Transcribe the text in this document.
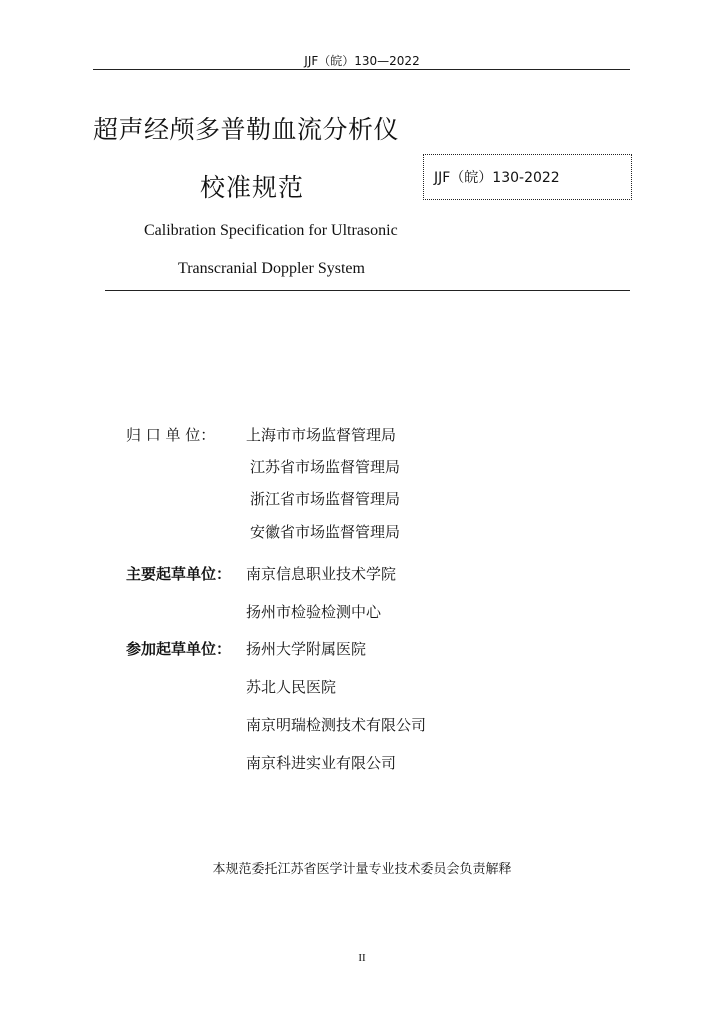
JJF（皖）130—2022
超声经颅多普勒血流分析仪
校准规范	JJF（皖）130-2022
Calibration Specification for Ultrasonic
Transcranial Doppler System
归 口 单 位： 上海市市场监督管理局
江苏省市场监督管理局
浙江省市场监督管理局
安徽省市场监督管理局
主要起草单位： 南京信息职业技术学院
扬州市检验检测中心
参加起草单位： 扬州大学附属医院
苏北人民医院
南京明瑞检测技术有限公司
南京科进实业有限公司
本规范委托江苏省医学计量专业技术委员会负责解释
II
